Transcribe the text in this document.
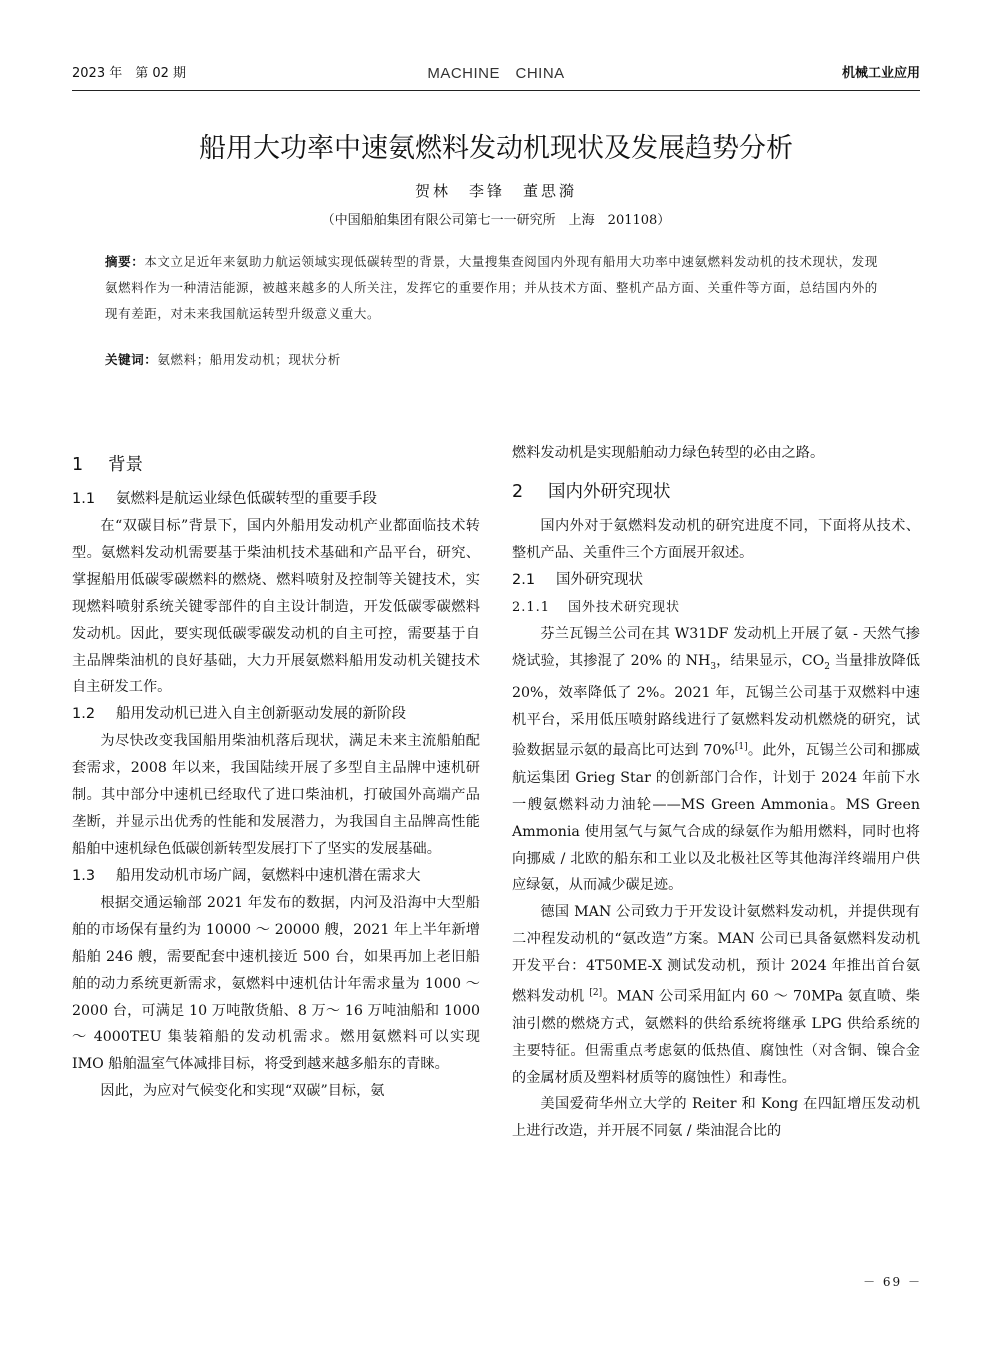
2023 年　第 02 期	MACHINE　CHINA	机械工业应用
船用大功率中速氨燃料发动机现状及发展趋势分析
贺林　李锋　董思漪
（中国船舶集团有限公司第七一一研究所　上海　201108）
摘要：本文立足近年来氨助力航运领域实现低碳转型的背景，大量搜集查阅国内外现有船用大功率中速氨燃料发动机的技术现状，发现氨燃料作为一种清洁能源，被越来越多的人所关注，发挥它的重要作用；并从技术方面、整机产品方面、关重件等方面，总结国内外的现有差距，对未来我国航运转型升级意义重大。
关键词：氨燃料；船用发动机；现状分析
1 背景
1.1 氨燃料是航运业绿色低碳转型的重要手段

在“双碳目标”背景下，国内外船用发动机产业都面临技术转型。氨燃料发动机需要基于柴油机技术基础和产品平台，研究、掌握船用低碳零碳燃料的燃烧、燃料喷射及控制等关键技术，实现燃料喷射系统关键零部件的自主设计制造，开发低碳零碳燃料发动机。因此，要实现低碳零碳发动机的自主可控，需要基于自主品牌柴油机的良好基础，大力开展氨燃料船用发动机关键技术自主研发工作。

1.2 船用发动机已进入自主创新驱动发展的新阶段

为尽快改变我国船用柴油机落后现状，满足未来主流船舶配套需求，2008 年以来，我国陆续开展了多型自主品牌中速机研制。其中部分中速机已经取代了进口柴油机，打破国外高端产品垄断，并显示出优秀的性能和发展潜力，为我国自主品牌高性能船舶中速机绿色低碳创新转型发展打下了坚实的发展基础。

1.3 船用发动机市场广阔，氨燃料中速机潜在需求大

根据交通运输部 2021 年发布的数据，内河及沿海中大型船舶的市场保有量约为 10000 ～ 20000 艘，2021 年上半年新增船舶 246 艘，需要配套中速机接近 500 台，如果再加上老旧船舶的动力系统更新需求，氨燃料中速机估计年需求量为 1000 ～ 2000 台，可满足 10 万吨散货船、8 万～ 16 万吨油船和 1000 ～ 4000TEU 集装箱船的发动机需求。燃用氨燃料可以实现 IMO 船舶温室气体减排目标，将受到越来越多船东的青睐。

因此，为应对气候变化和实现“双碳”目标，氨

燃料发动机是实现船舶动力绿色转型的必由之路。

2 国内外研究现状

国内外对于氨燃料发动机的研究进度不同，下面将从技术、整机产品、关重件三个方面展开叙述。

2.1 国外研究现状
2.1.1 国外技术研究现状

芬兰瓦锡兰公司在其 W31DF 发动机上开展了氨 - 天然气掺烧试验，其掺混了 20% 的 $NH_3$，结果显示，$CO_2$ 当量排放降低 20%，效率降低了 2%。2021 年，瓦锡兰公司基于双燃料中速机平台，采用低压喷射路线进行了氨燃料发动机燃烧的研究，试验数据显示氨的最高比可达到 70%[1]。此外，瓦锡兰公司和挪威航运集团 Grieg Star 的创新部门合作，计划于 2024 年前下水一艘氨燃料动力油轮——MS Green Ammonia。MS Green Ammonia 使用氢气与氮气合成的绿氨作为船用燃料，同时也将向挪威 / 北欧的船东和工业以及北极社区等其他海洋终端用户供应绿氨，从而减少碳足迹。

德国 MAN 公司致力于开发设计氨燃料发动机，并提供现有二冲程发动机的“氨改造”方案。MAN 公司已具备氨燃料发动机开发平台：4T50ME-X 测试发动机，预计 2024 年推出首台氨燃料发动机 [2]。MAN 公司采用缸内 60 ～ 70MPa 氨直喷、柴油引燃的燃烧方式，氨燃料的供给系统将继承 LPG 供给系统的主要特征。但需重点考虑氨的低热值、腐蚀性（对含铜、镍合金的金属材质及塑料材质等的腐蚀性）和毒性。

美国爱荷华州立大学的 Reiter 和 Kong 在四缸增压发动机上进行改造，并开展不同氨 / 柴油混合比的

－ 69 －
